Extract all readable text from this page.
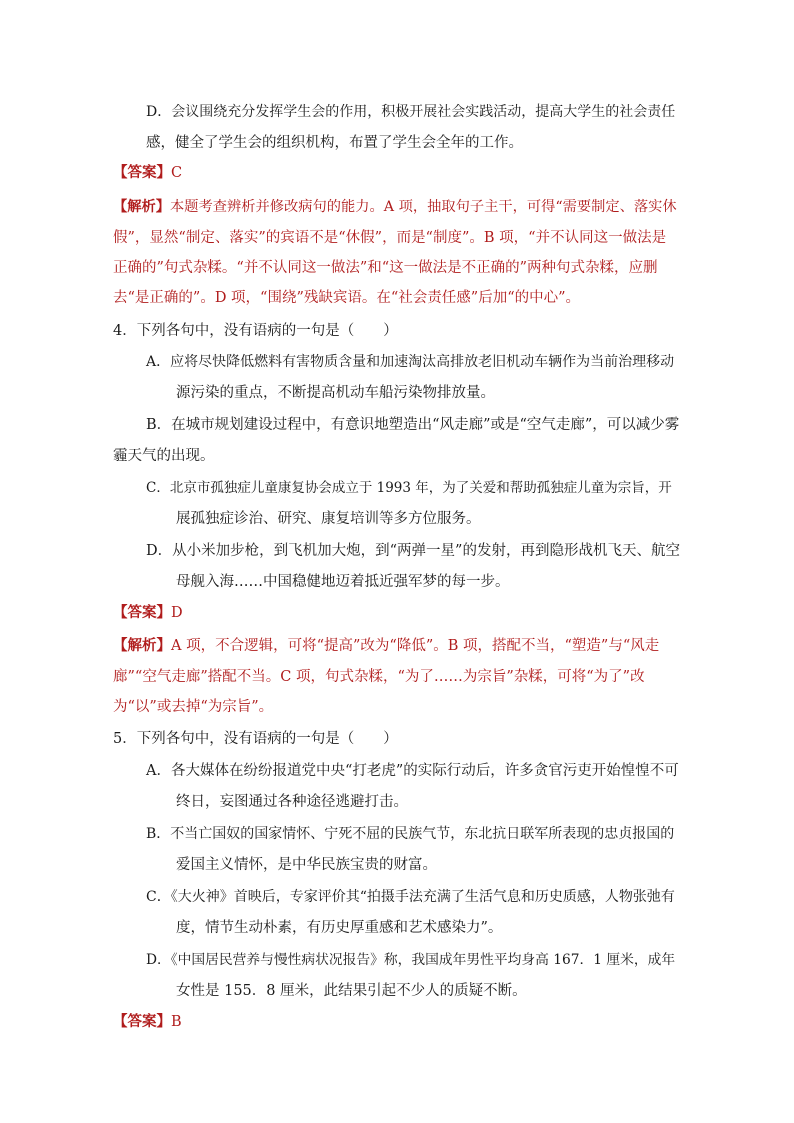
D．会议围绕充分发挥学生会的作用，积极开展社会实践活动，提高大学生的社会责任
感，健全了学生会的组织机构，布置了学生会全年的工作。
【答案】C
【解析】本题考查辨析并修改病句的能力。A 项，抽取句子主干，可得“需要制定、落实休
假”，显然“制定、落实”的宾语不是“休假”，而是“制度”。B 项，“并不认同这一做法是
正确的”句式杂糅。“并不认同这一做法”和“这一做法是不正确的”两种句式杂糅，应删
去“是正确的”。D 项，“围绕”残缺宾语。在“社会责任感”后加“的中心”。
4．下列各句中，没有语病的一句是（　　）
A．应将尽快降低燃料有害物质含量和加速淘汰高排放老旧机动车辆作为当前治理移动
源污染的重点，不断提高机动车船污染物排放量。
B．在城市规划建设过程中，有意识地塑造出“风走廊”或是“空气走廊”，可以减少雾
霾天气的出现。
C．北京市孤独症儿童康复协会成立于 1993 年，为了关爱和帮助孤独症儿童为宗旨，开
展孤独症诊治、研究、康复培训等多方位服务。
D．从小米加步枪，到飞机加大炮，到“两弹一星”的发射，再到隐形战机飞天、航空
母舰入海……中国稳健地迈着抵近强军梦的每一步。
【答案】D
【解析】A 项，不合逻辑，可将“提高”改为“降低”。B 项，搭配不当，“塑造”与“风走
廊”“空气走廊”搭配不当。C 项，句式杂糅，“为了……为宗旨”杂糅，可将“为了”改
为“以”或去掉“为宗旨”。
5．下列各句中，没有语病的一句是（　　）
A．各大媒体在纷纷报道党中央“打老虎”的实际行动后，许多贪官污吏开始惶惶不可
终日，妄图通过各种途径逃避打击。
B．不当亡国奴的国家情怀、宁死不屈的民族气节，东北抗日联军所表现的忠贞报国的
爱国主义情怀，是中华民族宝贵的财富。
C．《大火神》首映后，专家评价其“拍摄手法充满了生活气息和历史质感，人物张弛有
度，情节生动朴素，有历史厚重感和艺术感染力”。
D．《中国居民营养与慢性病状况报告》称，我国成年男性平均身高 167．1 厘米，成年
女性是 155．8 厘米，此结果引起不少人的质疑不断。
【答案】B
